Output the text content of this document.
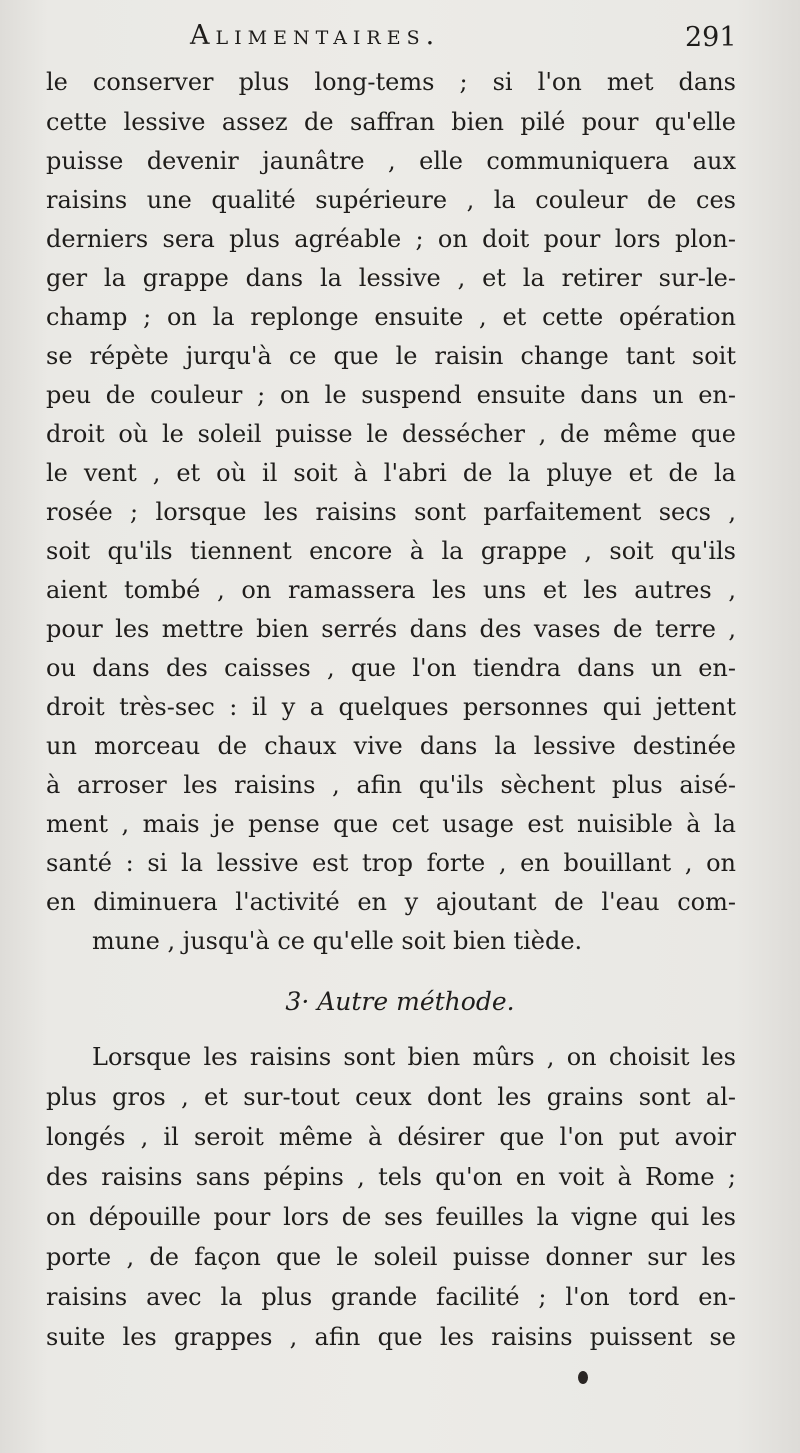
Alimentaires.	291
le conserver plus long-tems ; si l'on met dans
cette lessive assez de saffran bien pilé pour qu'elle
puisse devenir jaunâtre , elle communiquera aux
raisins une qualité supérieure , la couleur de ces
derniers sera plus agréable ; on doit pour lors plon-
ger la grappe dans la lessive , et la retirer sur-le-
champ ; on la replonge ensuite , et cette opération
se répète jurqu'à ce que le raisin change tant soit
peu de couleur ; on le suspend ensuite dans un en-
droit où le soleil puisse le dessécher , de même que
le vent , et où il soit à l'abri de la pluye et de la
rosée ; lorsque les raisins sont parfaitement secs ,
soit qu'ils tiennent encore à la grappe , soit qu'ils
aient tombé , on ramassera les uns et les autres ,
pour les mettre bien serrés dans des vases de terre ,
ou dans des caisses , que l'on tiendra dans un en-
droit très-sec : il y a quelques personnes qui jettent
un morceau de chaux vive dans la lessive destinée
à arroser les raisins , afin qu'ils sèchent plus aisé-
ment , mais je pense que cet usage est nuisible à la
santé : si la lessive est trop forte , en bouillant , on
en diminuera l'activité en y ajoutant de l'eau com-
mune , jusqu'à ce qu'elle soit bien tiède.
3· Autre méthode.
Lorsque les raisins sont bien mûrs , on choisit les
plus gros , et sur-tout ceux dont les grains sont al-
longés , il seroit même à désirer que l'on put avoir
des raisins sans pépins , tels qu'on en voit à Rome ;
on dépouille pour lors de ses feuilles la vigne qui les
porte , de façon que le soleil puisse donner sur les
raisins avec la plus grande facilité ; l'on tord en-
suite les grappes , afin que les raisins puissent se
